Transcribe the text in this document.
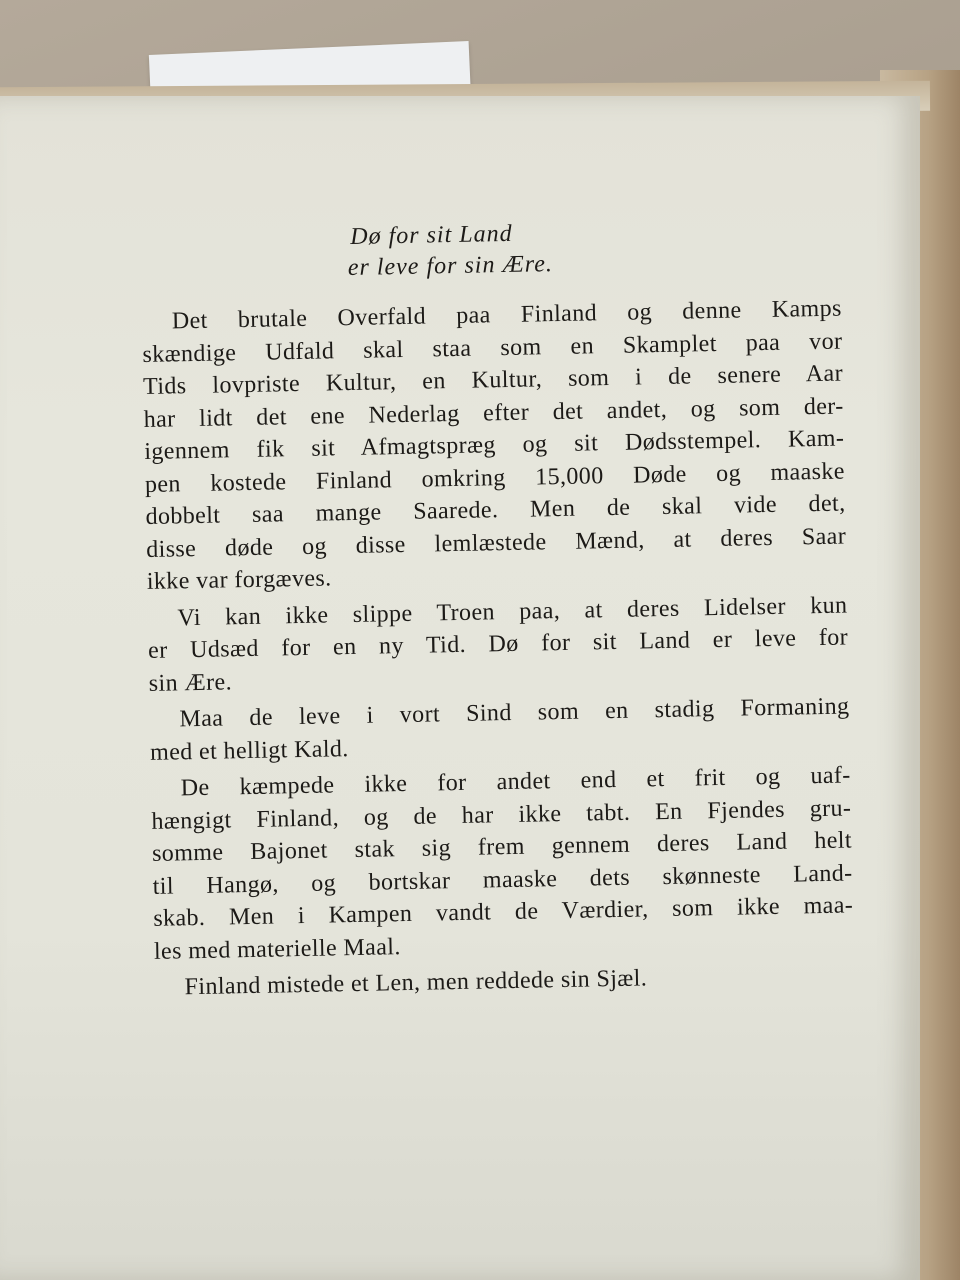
Dø for sit Land
er leve for sin Ære.
Det brutale Overfald paa Finland og denne Kamps
skændige Udfald skal staa som en Skamplet paa vor
Tids lovpriste Kultur, en Kultur, som i de senere Aar
har lidt det ene Nederlag efter det andet, og som der-
igennem fik sit Afmagtspræg og sit Dødsstempel. Kam-
pen kostede Finland omkring 15,000 Døde og maaske
dobbelt saa mange Saarede. Men de skal vide det,
disse døde og disse lemlæstede Mænd, at deres Saar
ikke var forgæves.
Vi kan ikke slippe Troen paa, at deres Lidelser kun
er Udsæd for en ny Tid. Dø for sit Land er leve for
sin Ære.
Maa de leve i vort Sind som en stadig Formaning
med et helligt Kald.
De kæmpede ikke for andet end et frit og uaf-
hængigt Finland, og de har ikke tabt. En Fjendes gru-
somme Bajonet stak sig frem gennem deres Land helt
til Hangø, og bortskar maaske dets skønneste Land-
skab. Men i Kampen vandt de Værdier, som ikke maa-
les med materielle Maal.
Finland mistede et Len, men reddede sin Sjæl.
